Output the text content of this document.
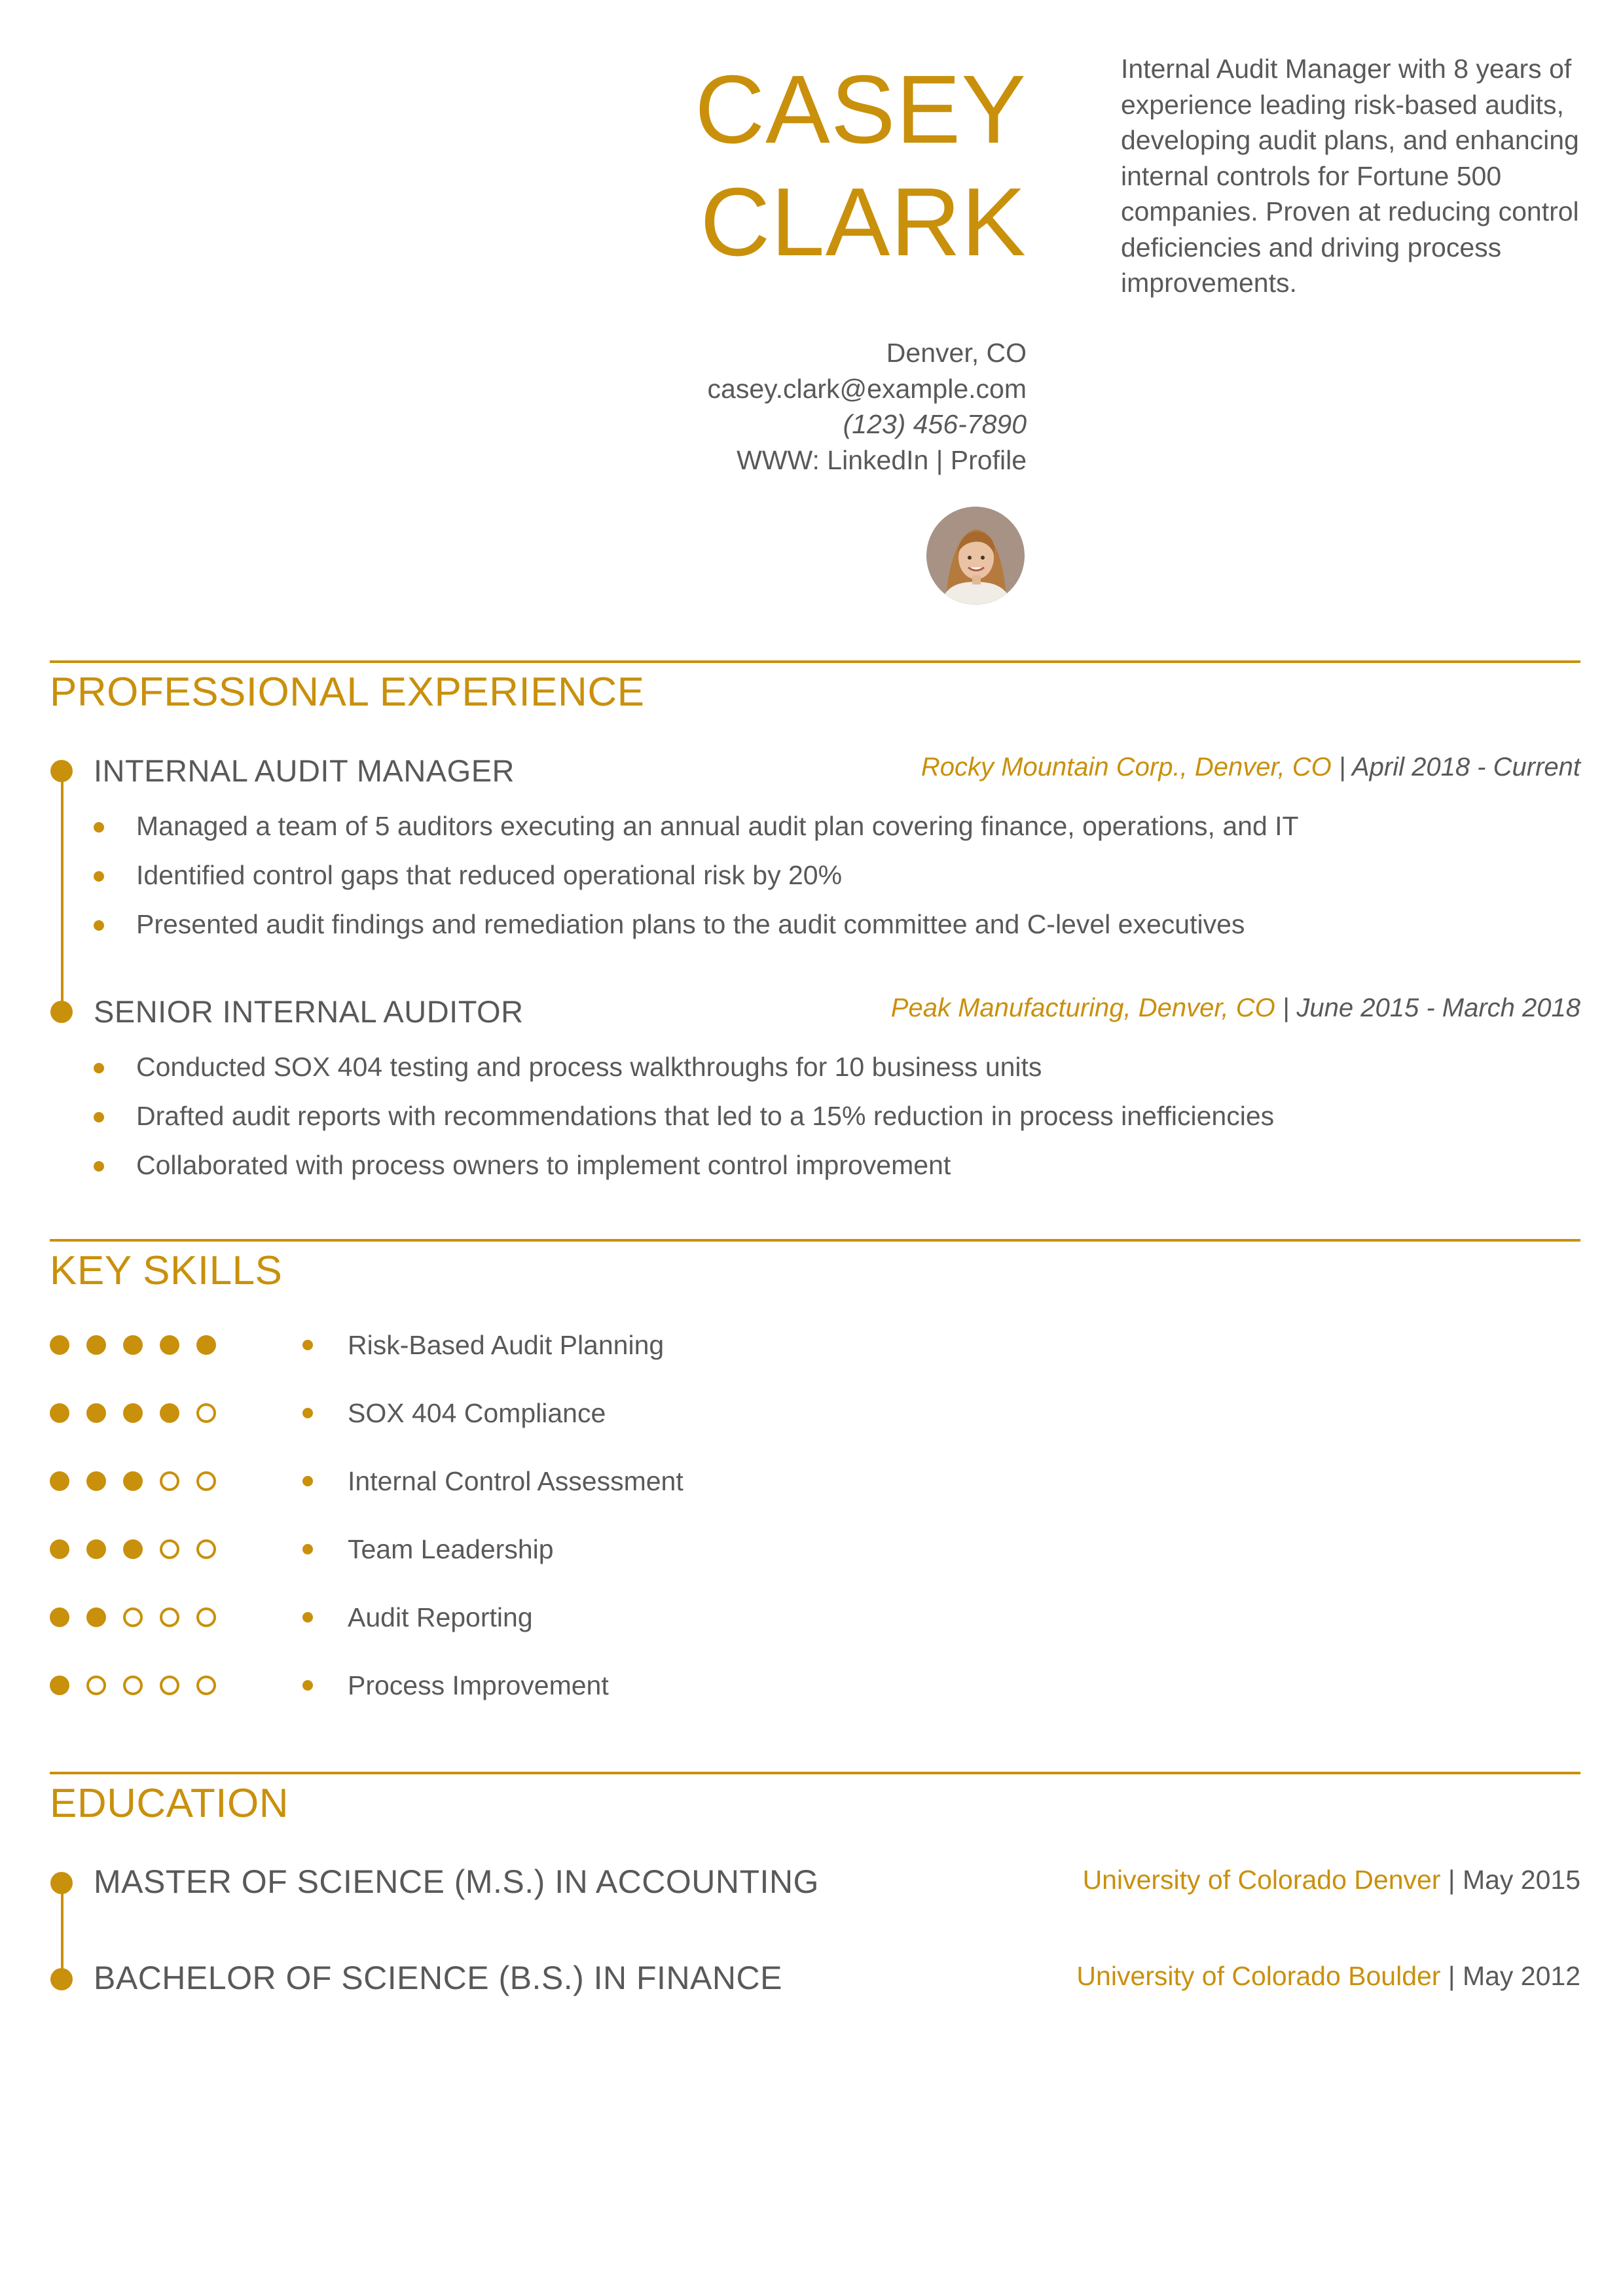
CASEY
CLARK
Internal Audit Manager with 8 years of experience leading risk-based audits, developing audit plans, and enhancing internal controls for Fortune 500 companies. Proven at reducing control deficiencies and driving process improvements.
Denver, CO
casey.clark@example.com
(123) 456-7890
WWW: LinkedIn | Profile
PROFESSIONAL EXPERIENCE
INTERNAL AUDIT MANAGER	Rocky Mountain Corp., Denver, CO | April 2018 - Current
Managed a team of 5 auditors executing an annual audit plan covering finance, operations, and IT
Identified control gaps that reduced operational risk by 20%
Presented audit findings and remediation plans to the audit committee and C-level executives
SENIOR INTERNAL AUDITOR	Peak Manufacturing, Denver, CO | June 2015 - March 2018
Conducted SOX 404 testing and process walkthroughs for 10 business units
Drafted audit reports with recommendations that led to a 15% reduction in process inefficiencies
Collaborated with process owners to implement control improvement
KEY SKILLS
Risk-Based Audit Planning
SOX 404 Compliance
Internal Control Assessment
Team Leadership
Audit Reporting
Process Improvement
EDUCATION
MASTER OF SCIENCE (M.S.) IN ACCOUNTING	University of Colorado Denver | May 2015
BACHELOR OF SCIENCE (B.S.) IN FINANCE	University of Colorado Boulder | May 2012
